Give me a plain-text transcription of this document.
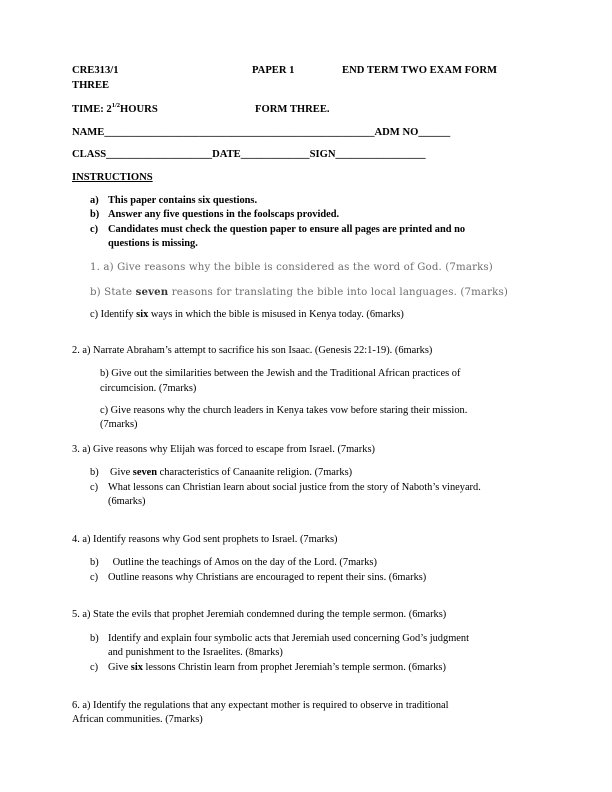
CRE313/1	PAPER 1	END TERM TWO EXAM FORM
THREE
TIME: $2^{1/2}HOURS$	FORM THREE.
NAME___________________________________________________ADM NO______
CLASS____________________DATE_____________SIGN_________________
INSTRUCTIONS
a) This paper contains six questions.
b) Answer any five questions in the foolscaps provided.
c) Candidates must check the question paper to ensure all pages are printed and no
questions is missing.
1. a) Give reasons why the bible is considered as the word of God. (7marks)
b) State seven reasons for translating the bible into local languages. (7marks)
c) Identify six ways in which the bible is misused in Kenya today. (6marks)
2. a) Narrate Abraham’s attempt to sacrifice his son Isaac. (Genesis 22:1-19). (6marks)
b) Give out the similarities between the Jewish and the Traditional African practices of
circumcision. (7marks)
c) Give reasons why the church leaders in Kenya takes vow before staring their mission.
(7marks)
3. a) Give reasons why Elijah was forced to escape from Israel. (7marks)
b) Give seven characteristics of Canaanite religion. (7marks)
c) What lessons can Christian learn about social justice from the story of Naboth’s vineyard.
(6marks)
4. a) Identify reasons why God sent prophets to Israel. (7marks)
b) Outline the teachings of Amos on the day of the Lord. (7marks)
c) Outline reasons why Christians are encouraged to repent their sins. (6marks)
5. a) State the evils that prophet Jeremiah condemned during the temple sermon. (6marks)
b) Identify and explain four symbolic acts that Jeremiah used concerning God’s judgment
and punishment to the Israelites. (8marks)
c) Give six lessons Christin learn from prophet Jeremiah’s temple sermon. (6marks)
6. a) Identify the regulations that any expectant mother is required to observe in traditional
African communities. (7marks)
